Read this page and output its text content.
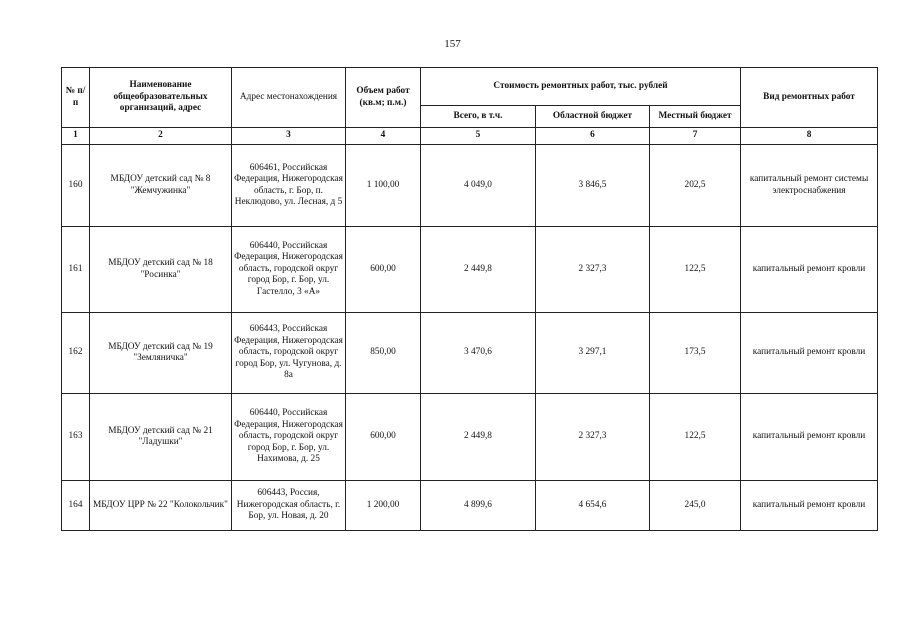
157
№ п/п	Наименование общеобразовательных организаций, адрес	Адрес местонахождения	Объем работ (кв.м; п.м.)	Стоимость ремонтных работ, тыс. рублей			Вид ремонтных работ
				Всего, в т.ч.	Областной бюджет	Местный бюджет	
1	2	3	4	5	6	7	8
160	МБДОУ детский сад № 8 "Жемчужинка"	606461, Российская Федерация, Нижегородская область, г. Бор, п. Неклюдово, ул. Лесная, д 5	1 100,00	4 049,0	3 846,5	202,5	капитальный ремонт системы электроснабжения
161	МБДОУ детский сад № 18 "Росинка"	606440, Российская Федерация, Нижегородская область, городской округ город Бор, г. Бор, ул. Гастелло, 3 «А»	600,00	2 449,8	2 327,3	122,5	капитальный ремонт кровли
162	МБДОУ детский сад № 19 "Земляничка"	606443, Российская Федерация, Нижегородская область, городской округ город Бор, ул. Чугунова, д. 8а	850,00	3 470,6	3 297,1	173,5	капитальный ремонт кровли
163	МБДОУ детский сад № 21 "Ладушки"	606440, Российская Федерация, Нижегородская область, городской округ город Бор, г. Бор, ул. Нахимова, д. 25	600,00	2 449,8	2 327,3	122,5	капитальный ремонт кровли
164	МБДОУ ЦРР № 22 "Колокольчик"	606443, Россия, Нижегородская область, г. Бор, ул. Новая, д. 20	1 200,00	4 899,6	4 654,6	245,0	капитальный ремонт кровли
